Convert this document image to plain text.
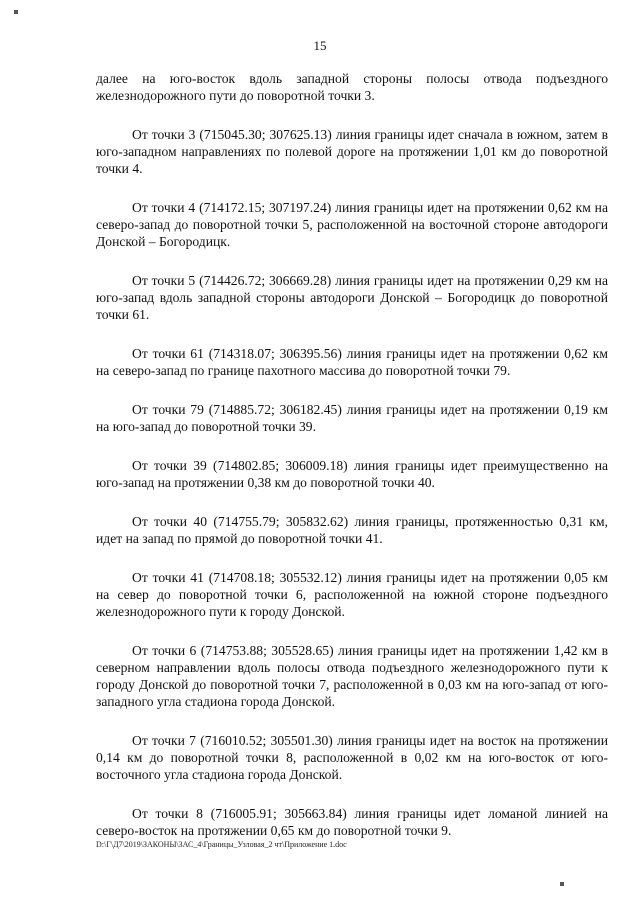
15

далее на юго-восток вдоль западной стороны полосы отвода подъездного железнодорожного пути до поворотной точки 3.

От точки 3 (715045.30; 307625.13) линия границы идет сначала в южном, затем в юго-западном направлениях по полевой дороге на протяжении 1,01 км до поворотной точки 4.

От точки 4 (714172.15; 307197.24) линия границы идет на протяжении 0,62 км на северо-запад до поворотной точки 5, расположенной на восточной стороне автодороги Донской – Богородицк.

От точки 5 (714426.72; 306669.28) линия границы идет на протяжении 0,29 км на юго-запад вдоль западной стороны автодороги Донской – Богородицк до поворотной точки 61.

От точки 61 (714318.07; 306395.56) линия границы идет на протяжении 0,62 км на северо-запад по границе пахотного массива до поворотной точки 79.

От точки 79 (714885.72; 306182.45) линия границы идет на протяжении 0,19 км на юго-запад до поворотной точки 39.

От точки 39 (714802.85; 306009.18) линия границы идет преимущественно на юго-запад на протяжении 0,38 км до поворотной точки 40.

От точки 40 (714755.79; 305832.62) линия границы, протяженностью 0,31 км, идет на запад по прямой до поворотной точки 41.

От точки 41 (714708.18; 305532.12) линия границы идет на протяжении 0,05 км на север до поворотной точки 6, расположенной на южной стороне подъездного железнодорожного пути к городу Донской.

От точки 6 (714753.88; 305528.65) линия границы идет на протяжении 1,42 км в северном направлении вдоль полосы отвода подъездного железнодорожного пути к городу Донской до поворотной точки 7, расположенной в 0,03 км на юго-запад от юго-западного угла стадиона города Донской.

От точки 7 (716010.52; 305501.30) линия границы идет на восток на протяжении 0,14 км до поворотной точки 8, расположенной в 0,02 км на юго-восток от юго-восточного угла стадиона города Донской.

От точки 8 (716005.91; 305663.84) линия границы идет ломаной линией на северо-восток на протяжении 0,65 км до поворотной точки 9.

D:\Г\Д7\2019\ЗАКОНЫ\ЗАС_4\Границы_Узловая_2 чт\Приложение 1.doc
